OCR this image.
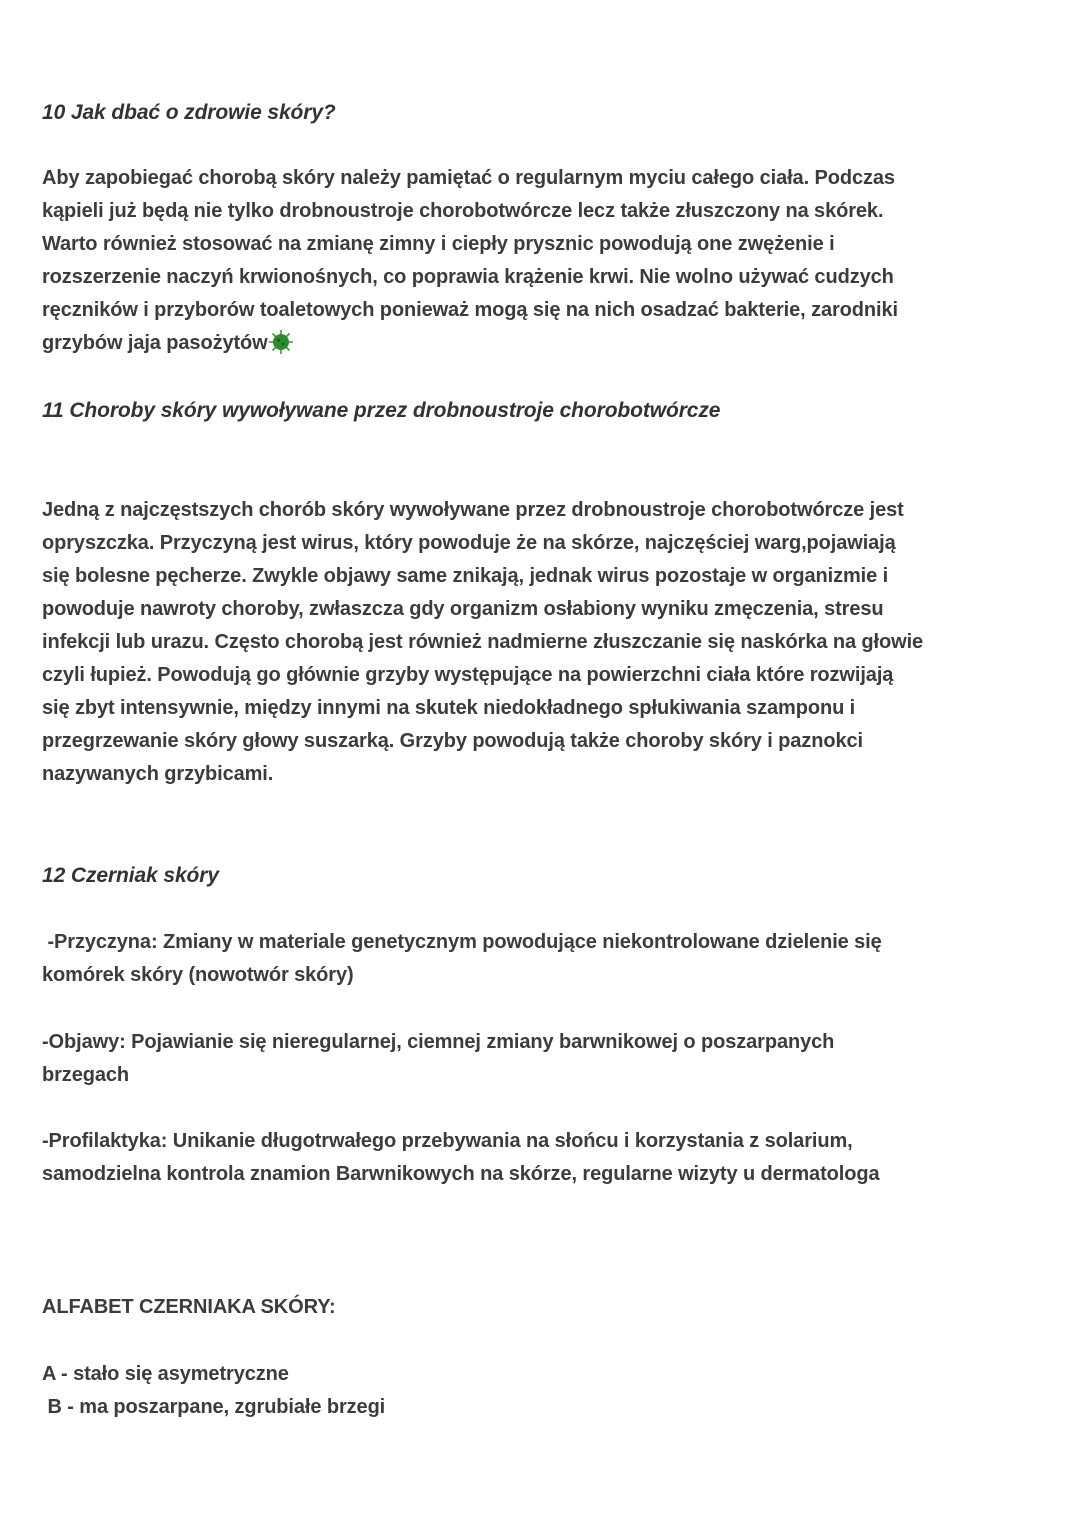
10 Jak dbać o zdrowie skóry?
Aby zapobiegać chorobą skóry należy pamiętać o regularnym myciu całego ciała. Podczas
kąpieli już będą nie tylko drobnoustroje chorobotwórcze lecz także złuszczony na skórek.
Warto również stosować na zmianę zimny i ciepły prysznic powodują one zwężenie i
rozszerzenie naczyń krwionośnych, co poprawia krążenie krwi. Nie wolno używać cudzych
ręczników i przyborów toaletowych ponieważ mogą się na nich osadzać bakterie, zarodniki
grzybów jaja pasożytów
11 Choroby skóry wywoływane przez drobnoustroje chorobotwórcze
Jedną z najczęstszych chorób skóry wywoływane przez drobnoustroje chorobotwórcze jest
opryszczka. Przyczyną jest wirus, który powoduje że na skórze, najczęściej warg,pojawiają
się bolesne pęcherze. Zwykle objawy same znikają, jednak wirus pozostaje w organizmie i
powoduje nawroty choroby, zwłaszcza gdy organizm osłabiony wyniku zmęczenia, stresu
infekcji lub urazu. Często chorobą jest również nadmierne złuszczanie się naskórka na głowie
czyli łupież. Powodują go głównie grzyby występujące na powierzchni ciała które rozwijają
się zbyt intensywnie, między innymi na skutek niedokładnego spłukiwania szamponu i
przegrzewanie skóry głowy suszarką. Grzyby powodują także choroby skóry i paznokci
nazywanych grzybicami.
12 Czerniak skóry
-Przyczyna: Zmiany w materiale genetycznym powodujące niekontrolowane dzielenie się
komórek skóry (nowotwór skóry)
-Objawy: Pojawianie się nieregularnej, ciemnej zmiany barwnikowej o poszarpanych
brzegach
-Profilaktyka: Unikanie długotrwałego przebywania na słońcu i korzystania z solarium,
samodzielna kontrola znamion Barwnikowych na skórze, regularne wizyty u dermatologa
ALFABET CZERNIAKA SKÓRY:
A - stało się asymetryczne
B - ma poszarpane, zgrubiałe brzegi
